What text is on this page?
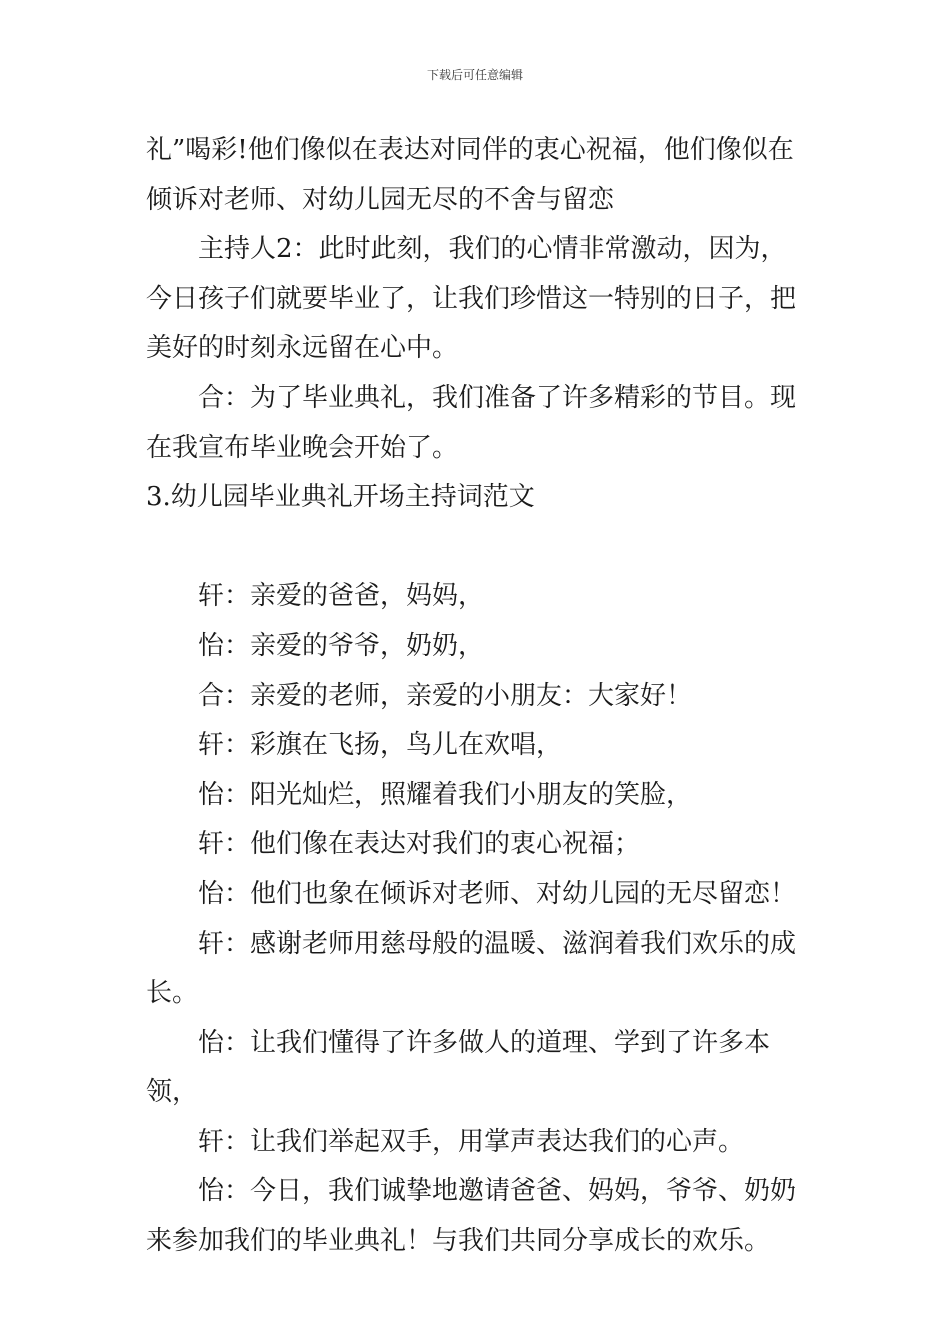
下载后可任意编辑

礼”喝彩!他们像似在表达对同伴的衷心祝福，他们像似在倾诉对老师、对幼儿园无尽的不舍与留恋

主持人2：此时此刻，我们的心情非常激动，因为，今日孩子们就要毕业了，让我们珍惜这一特别的日子，把美好的时刻永远留在心中。

合：为了毕业典礼，我们准备了许多精彩的节目。现在我宣布毕业晚会开始了。

3.幼儿园毕业典礼开场主持词范文

轩：亲爱的爸爸，妈妈，

怡：亲爱的爷爷，奶奶，

合：亲爱的老师，亲爱的小朋友：大家好！

轩：彩旗在飞扬，鸟儿在欢唱，

怡：阳光灿烂，照耀着我们小朋友的笑脸，

轩：他们像在表达对我们的衷心祝福；

怡：他们也象在倾诉对老师、对幼儿园的无尽留恋！

轩：感谢老师用慈母般的温暖、滋润着我们欢乐的成长。

怡：让我们懂得了许多做人的道理、学到了许多本领，

轩：让我们举起双手，用掌声表达我们的心声。

怡：今日，我们诚挚地邀请爸爸、妈妈，爷爷、奶奶来参加我们的毕业典礼！与我们共同分享成长的欢乐。
